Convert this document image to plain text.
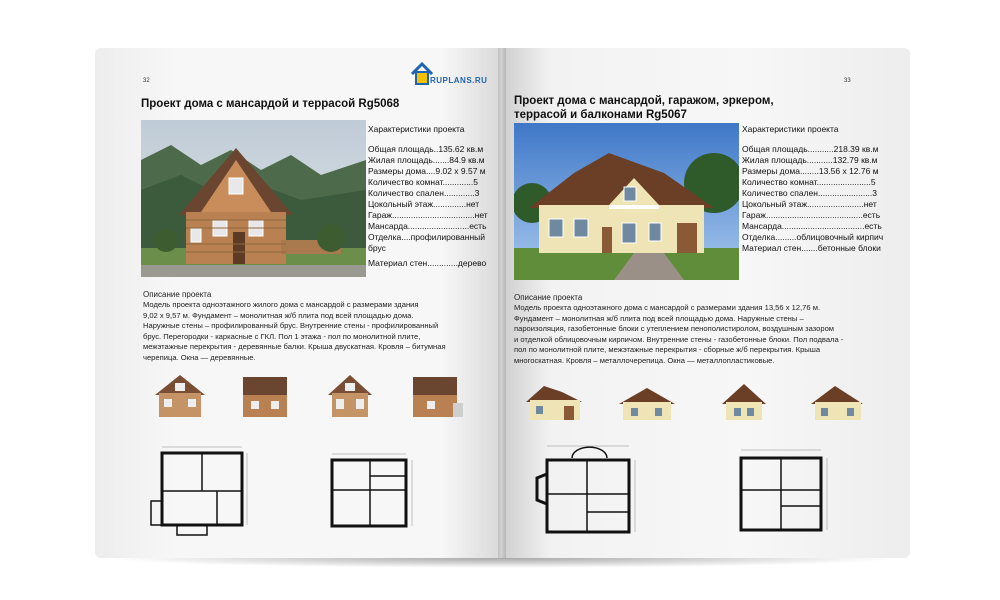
32
Проект дома с мансардой и террасой Rg5068
Характеристики проекта
Общая площадь..135.62 кв.м
Жилая площадь.......84.9 кв.м
Размеры дома....9.02 х 9.57 м
Количество комнат.............5
Количество спален.............3
Цокольный этаж..............нет
Гараж...................................нет
Мансарда..........................есть
Отделка....профилированный брус
Материал стен.............дерево
Описание проекта
Модель проекта одноэтажного жилого дома с мансардой с размерами здания
9,02 х 9,57 м. Фундамент – монолитная ж/б плита под всей площадью дома.
Наружные стены – профилированный брус. Внутренние стены - профилированный
брус. Перегородки - каркасные с ГКЛ. Пол 1 этажа - пол по монолитной плите,
межэтажные перекрытия - деревянные балки. Крыша двускатная. Кровля – битумная
черепица. Окна — деревянные.
33
Проект дома с мансардой, гаражом, эркером,
террасой и балконами Rg5067
Характеристики проекта
Общая площадь...........218.39 кв.м
Жилая площадь...........132.79 кв.м
Размеры дома........13.56 х 12.76 м
Количество комнат.......................5
Количество спален.......................3
Цокольный этаж........................нет
Гараж.........................................есть
Мансарда...................................есть
Отделка.........облицовочный кирпич
Материал стен.......бетонные блоки
Описание проекта
Модель проекта одноэтажного дома с мансардой с размерами здания 13,56 х 12,76 м.
Фундамент – монолитная ж/б плита под всей площадью дома. Наружные стены –
пароизоляция, газобетонные блоки с утеплением пенополистиролом, воздушным зазором
и отделкой облицовочным кирпичом. Внутренние стены - газобетонные блоки. Пол подвала -
пол по монолитной плите, межэтажные перекрытия - сборные ж/б перекрытия. Крыша
многоскатная. Кровля – металлочерепица. Окна — металлопластиковые.
RUPLANS.RU
